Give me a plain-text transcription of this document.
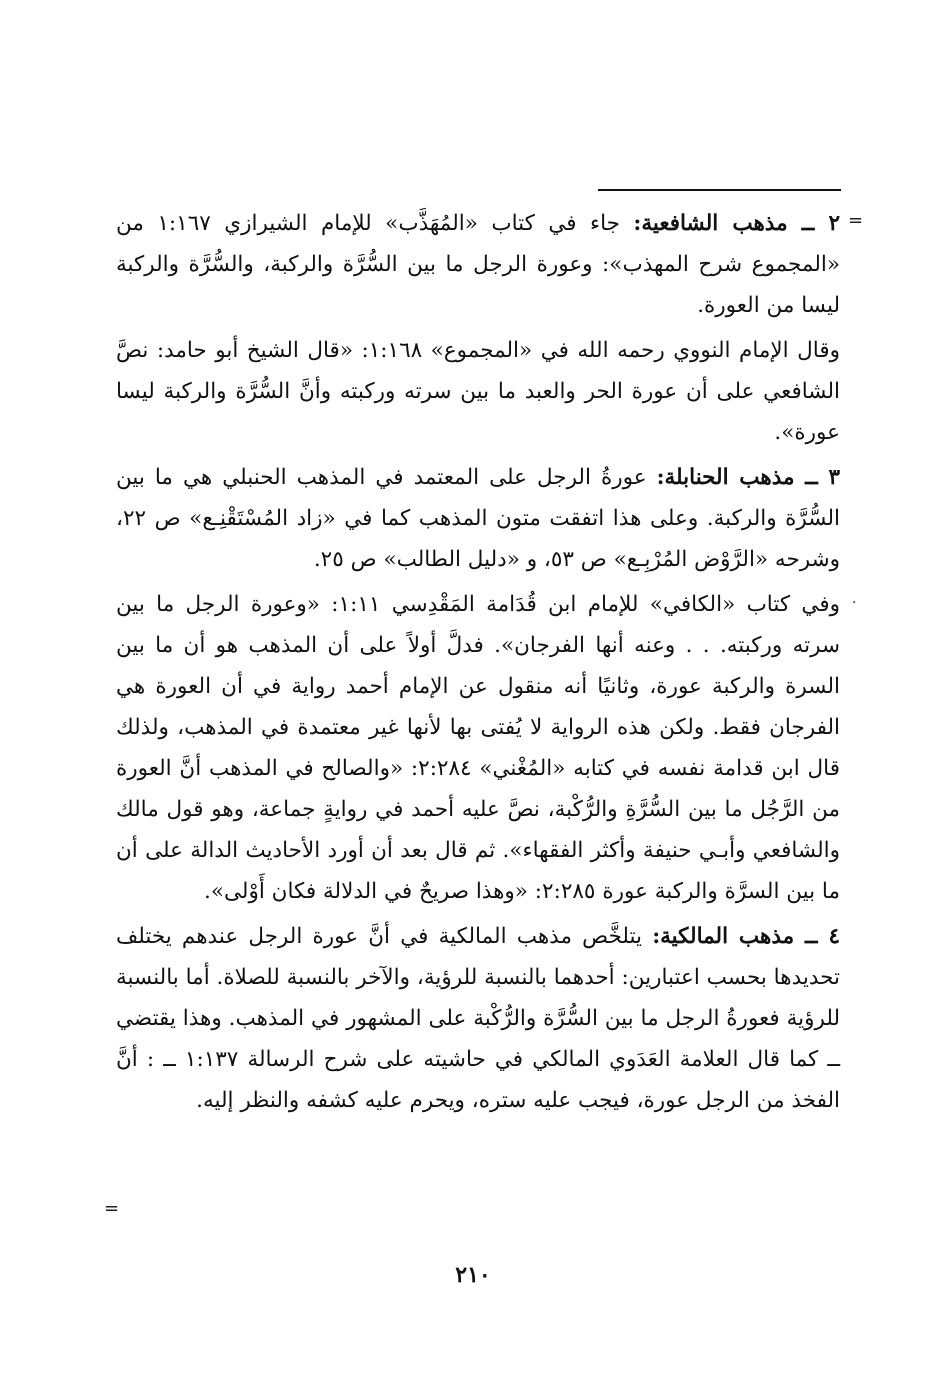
=
·
=

٢ ــ مذهب الشافعية: جاء في كتاب «المُهَذَّب» للإمام الشيرازي ١:١٦٧ من «المجموع شرح المهذب»: وعورة الرجل ما بين السُّرَّة والركبة، والسُّرَّة والركبة ليسا من العورة.

وقال الإمام النووي رحمه الله في «المجموع» ١:١٦٨: «قال الشيخ أبو حامد: نصَّ الشافعي على أن عورة الحر والعبد ما بين سرته وركبته وأنَّ السُّرَّة والركبة ليسا عورة».

٣ ــ مذهب الحنابلة: عورةُ الرجل على المعتمد في المذهب الحنبلي هي ما بين السُّرَّة والركبة. وعلى هذا اتفقت متون المذهب كما في «زاد المُسْتَقْنِـع» ص ٢٢، وشرحه «الرَّوْض المُرْبِـع» ص ٥٣، و «دليل الطالب» ص ٢٥.

وفي كتاب «الكافي» للإمام ابن قُدَامة المَقْدِسي ١:١١: «وعورة الرجل ما بين سرته وركبته. . . وعنه أنها الفرجان». فدلَّ أولاً على أن المذهب هو أن ما بين السرة والركبة عورة، وثانيًا أنه منقول عن الإمام أحمد رواية في أن العورة هي الفرجان فقط. ولكن هذه الرواية لا يُفتى بها لأنها غير معتمدة في المذهب، ولذلك قال ابن قدامة نفسه في كتابه «المُغْني» ٢:٢٨٤: «والصالح في المذهب أنَّ العورة من الرَّجُل ما بين السُّرَّةِ والرُّكْبة، نصَّ عليه أحمد في روايةٍ جماعة، وهو قول مالك والشافعي وأبـي حنيفة وأكثر الفقهاء». ثم قال بعد أن أورد الأحاديث الدالة على أن ما بين السرَّة والركبة عورة ٢:٢٨٥: «وهذا صريحٌ في الدلالة فكان أَوْلى».

٤ ــ مذهب المالكية: يتلخَّص مذهب المالكية في أنَّ عورة الرجل عندهم يختلف تحديدها بحسب اعتبارين: أحدهما بالنسبة للرؤية، والآخر بالنسبة للصلاة. أما بالنسبة للرؤية فعورةُ الرجل ما بين السُّرَّة والرُّكْبة على المشهور في المذهب. وهذا يقتضي ــ كما قال العلامة العَدَوي المالكي في حاشيته على شرح الرسالة ١:١٣٧ ــ : أنَّ الفخذ من الرجل عورة، فيجب عليه ستره، ويحرم عليه كشفه والنظر إليه.

٢١٠
